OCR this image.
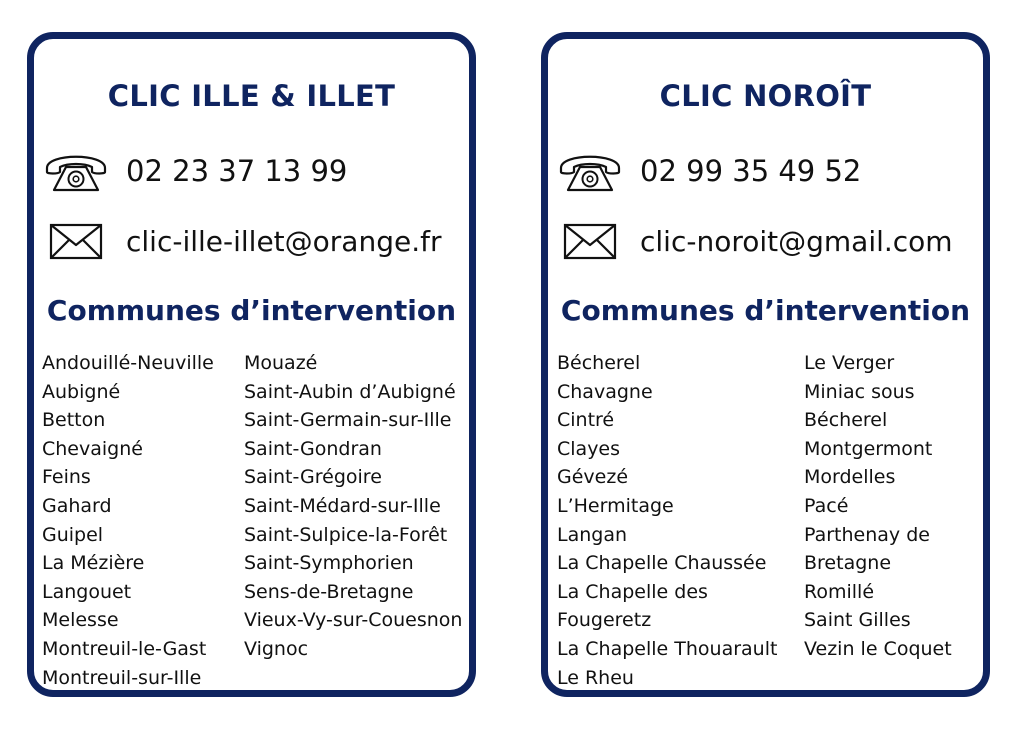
CLIC ILLE & ILLET
02 23 37 13 99
clic-ille-illet@orange.fr
Communes d’intervention
Andouillé-Neuville
Aubigné
Betton
Chevaigné
Feins
Gahard
Guipel
La Mézière
Langouet
Melesse
Montreuil-le-Gast
Montreuil-sur-Ille
Mouazé
Saint-Aubin d’Aubigné
Saint-Germain-sur-Ille
Saint-Gondran
Saint-Grégoire
Saint-Médard-sur-Ille
Saint-Sulpice-la-Forêt
Saint-Symphorien
Sens-de-Bretagne
Vieux-Vy-sur-Couesnon
Vignoc
CLIC NOROÎT
02 99 35 49 52
clic-noroit@gmail.com
Communes d’intervention
Bécherel
Chavagne
Cintré
Clayes
Gévezé
L’Hermitage
Langan
La Chapelle Chaussée
La Chapelle des
Fougeretz
La Chapelle Thouarault
Le Rheu
Le Verger
Miniac sous
Bécherel
Montgermont
Mordelles
Pacé
Parthenay de
Bretagne
Romillé
Saint Gilles
Vezin le Coquet
